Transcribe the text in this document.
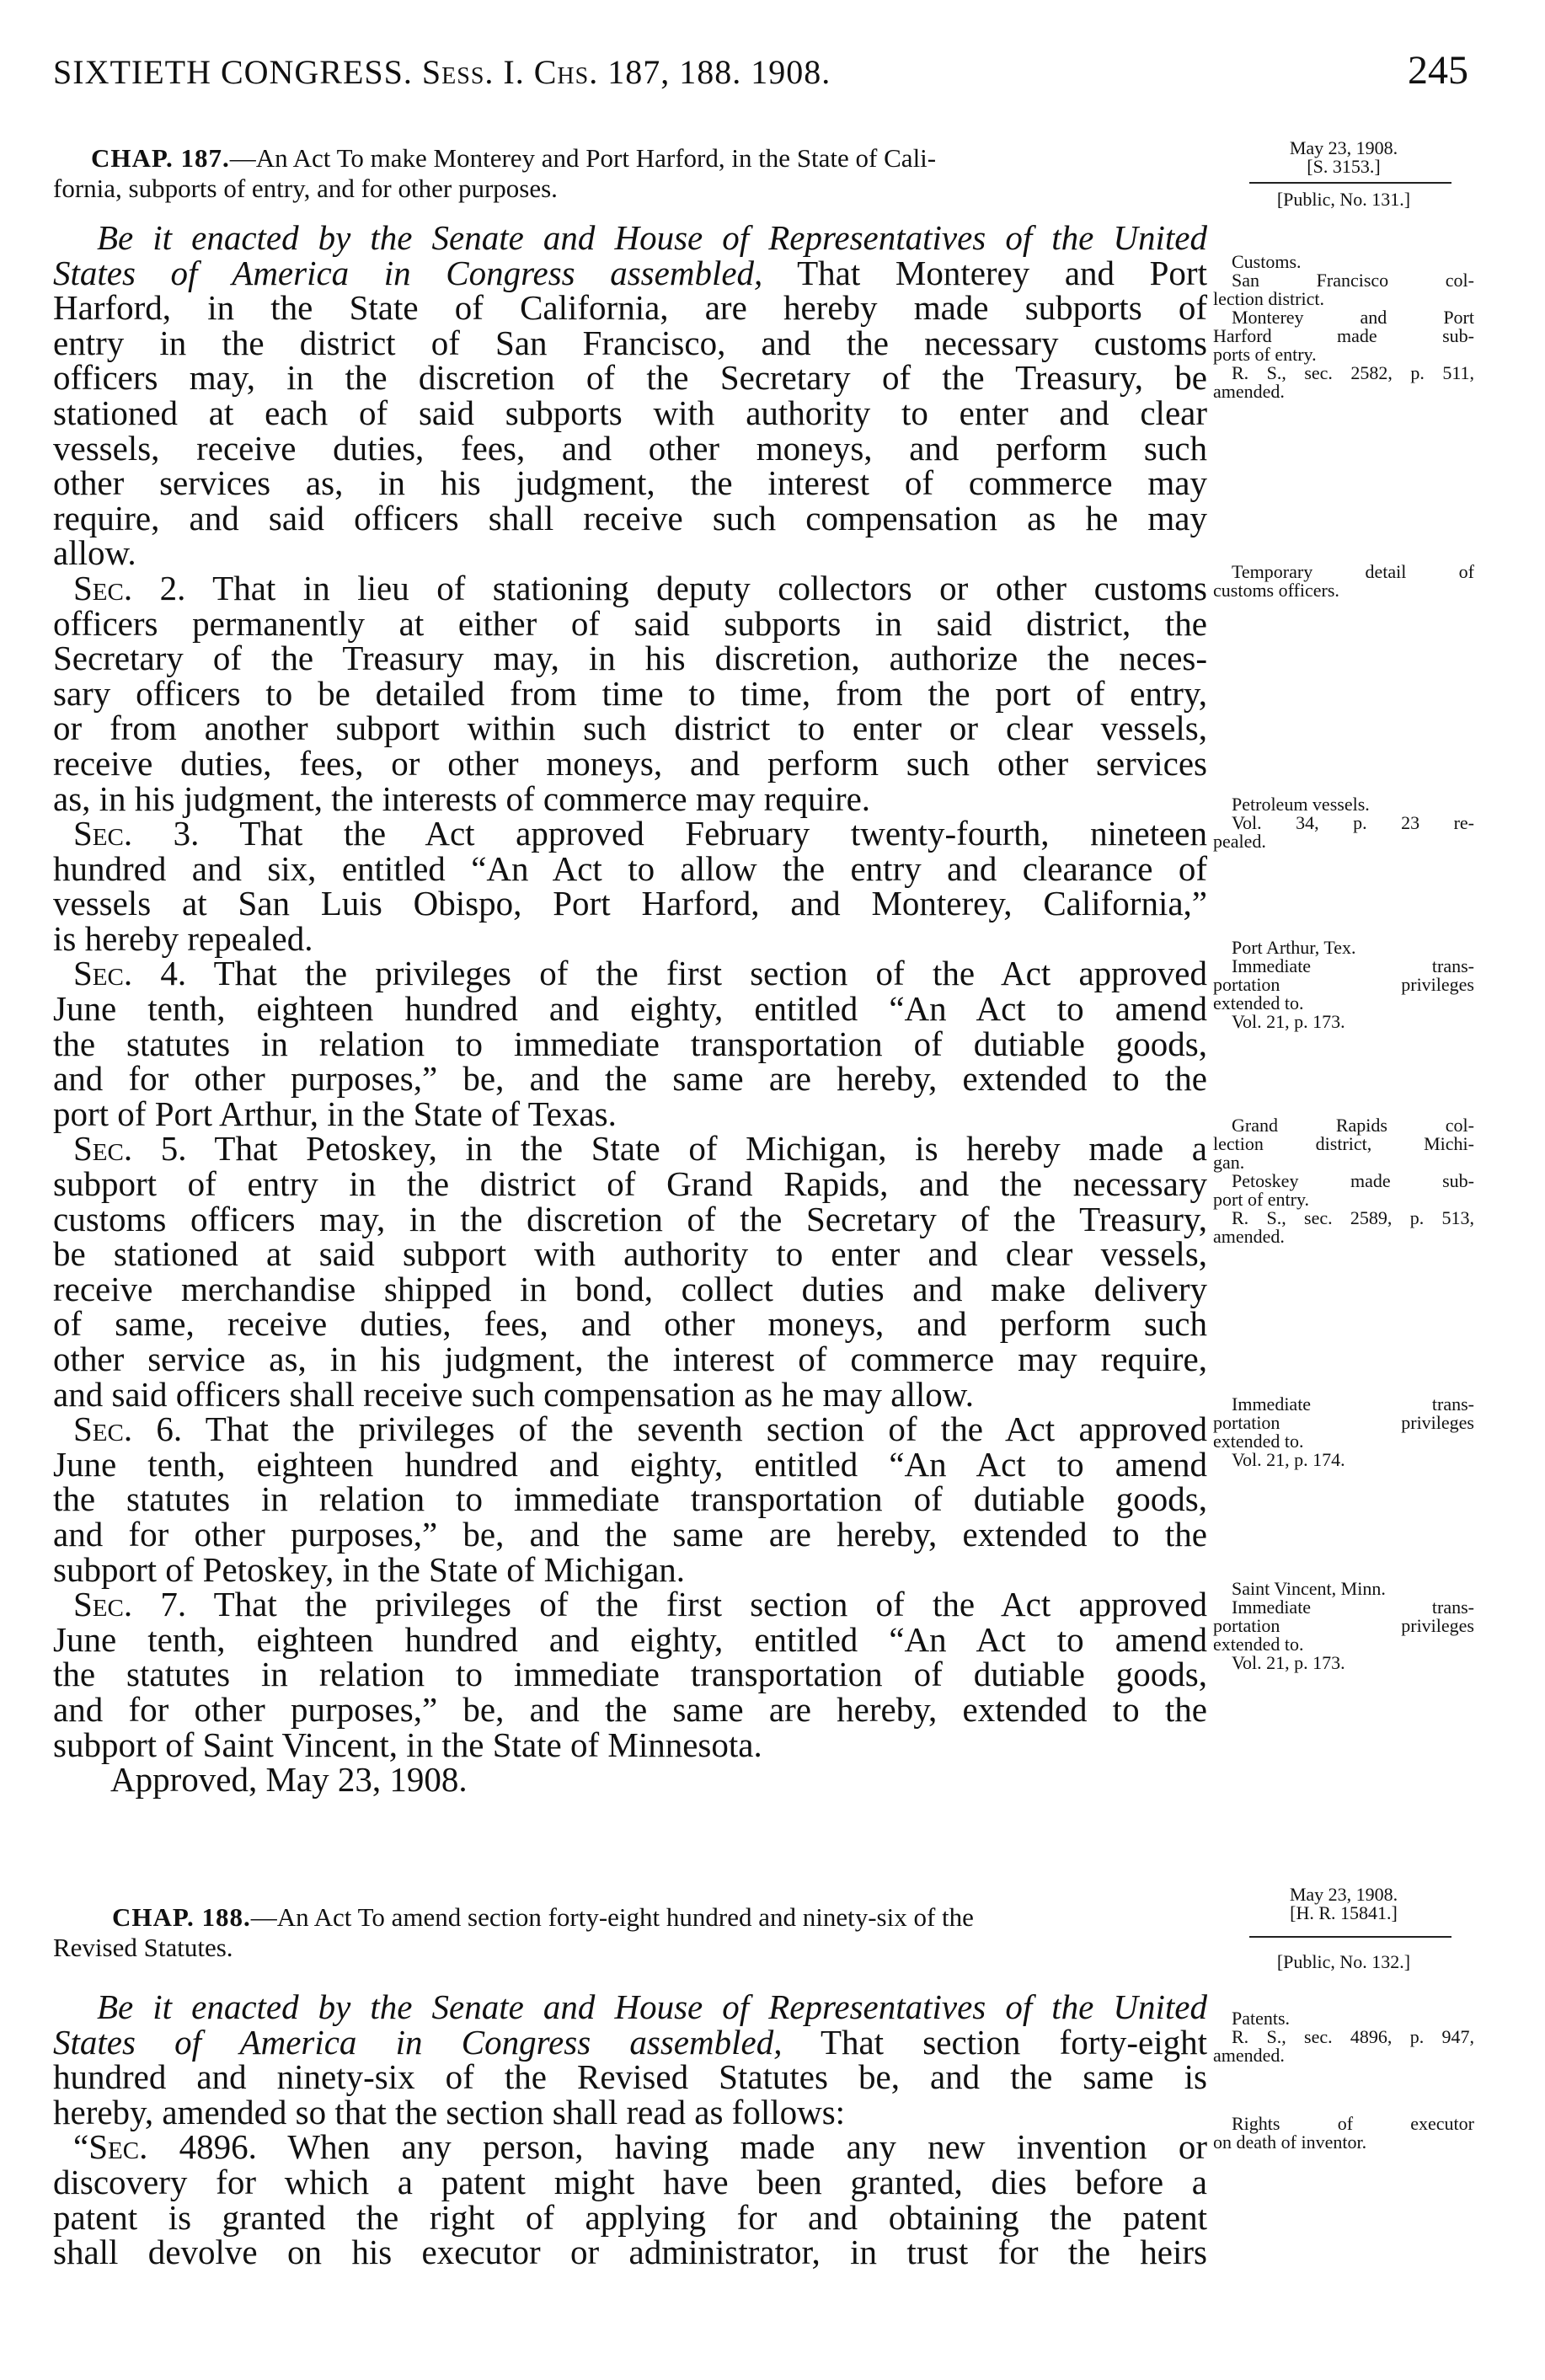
SIXTIETH CONGRESS. Sess. I. Chs. 187, 188. 1908.	245
CHAP. 187.—An Act To make Monterey and Port Harford, in the State of Cali-
fornia, subports of entry, and for other purposes.
May 23, 1908.
[S. 3153.]
[Public, No. 131.]
Be it enacted by the Senate and House of Representatives of the United
States of America in Congress assembled, That Monterey and Port
Harford, in the State of California, are hereby made subports of
entry in the district of San Francisco, and the necessary customs
officers may, in the discretion of the Secretary of the Treasury, be
stationed at each of said subports with authority to enter and clear
vessels, receive duties, fees, and other moneys, and perform such
other services as, in his judgment, the interest of commerce may
require, and said officers shall receive such compensation as he may
allow.
Sec. 2. That in lieu of stationing deputy collectors or other customs
officers permanently at either of said subports in said district, the
Secretary of the Treasury may, in his discretion, authorize the neces-
sary officers to be detailed from time to time, from the port of entry,
or from another subport within such district to enter or clear vessels,
receive duties, fees, or other moneys, and perform such other services
as, in his judgment, the interests of commerce may require.
Sec. 3. That the Act approved February twenty-fourth, nineteen
hundred and six, entitled “An Act to allow the entry and clearance of
vessels at San Luis Obispo, Port Harford, and Monterey, California,”
is hereby repealed.
Sec. 4. That the privileges of the first section of the Act approved
June tenth, eighteen hundred and eighty, entitled “An Act to amend
the statutes in relation to immediate transportation of dutiable goods,
and for other purposes,” be, and the same are hereby, extended to the
port of Port Arthur, in the State of Texas.
Sec. 5. That Petoskey, in the State of Michigan, is hereby made a
subport of entry in the district of Grand Rapids, and the necessary
customs officers may, in the discretion of the Secretary of the Treasury,
be stationed at said subport with authority to enter and clear vessels,
receive merchandise shipped in bond, collect duties and make delivery
of same, receive duties, fees, and other moneys, and perform such
other service as, in his judgment, the interest of commerce may require,
and said officers shall receive such compensation as he may allow.
Sec. 6. That the privileges of the seventh section of the Act approved
June tenth, eighteen hundred and eighty, entitled “An Act to amend
the statutes in relation to immediate transportation of dutiable goods,
and for other purposes,” be, and the same are hereby, extended to the
subport of Petoskey, in the State of Michigan.
Sec. 7. That the privileges of the first section of the Act approved
June tenth, eighteen hundred and eighty, entitled “An Act to amend
the statutes in relation to immediate transportation of dutiable goods,
and for other purposes,” be, and the same are hereby, extended to the
subport of Saint Vincent, in the State of Minnesota.
Approved, May 23, 1908.
Customs.
San Francisco col-
lection district.
Monterey and Port
Harford made sub-
ports of entry.
R. S., sec. 2582, p. 511,
amended.
Temporary detail of
customs officers.
Petroleum vessels.
Vol. 34, p. 23 re-
pealed.
Port Arthur, Tex.
Immediate trans-
portation privileges
extended to.
Vol. 21, p. 173.
Grand Rapids col-
lection district, Michi-
gan.
Petoskey made sub-
port of entry.
R. S., sec. 2589, p. 513,
amended.
Immediate trans-
portation privileges
extended to.
Vol. 21, p. 174.
Saint Vincent, Minn.
Immediate trans-
portation privileges
extended to.
Vol. 21, p. 173.
CHAP. 188.—An Act To amend section forty-eight hundred and ninety-six of the
Revised Statutes.
May 23, 1908.
[H. R. 15841.]
[Public, No. 132.]
Be it enacted by the Senate and House of Representatives of the United
States of America in Congress assembled, That section forty-eight
hundred and ninety-six of the Revised Statutes be, and the same is
hereby, amended so that the section shall read as follows:
“Sec. 4896. When any person, having made any new invention or
discovery for which a patent might have been granted, dies before a
patent is granted the right of applying for and obtaining the patent
shall devolve on his executor or administrator, in trust for the heirs
Patents.
R. S., sec. 4896, p. 947,
amended.
Rights of executor
on death of inventor.
